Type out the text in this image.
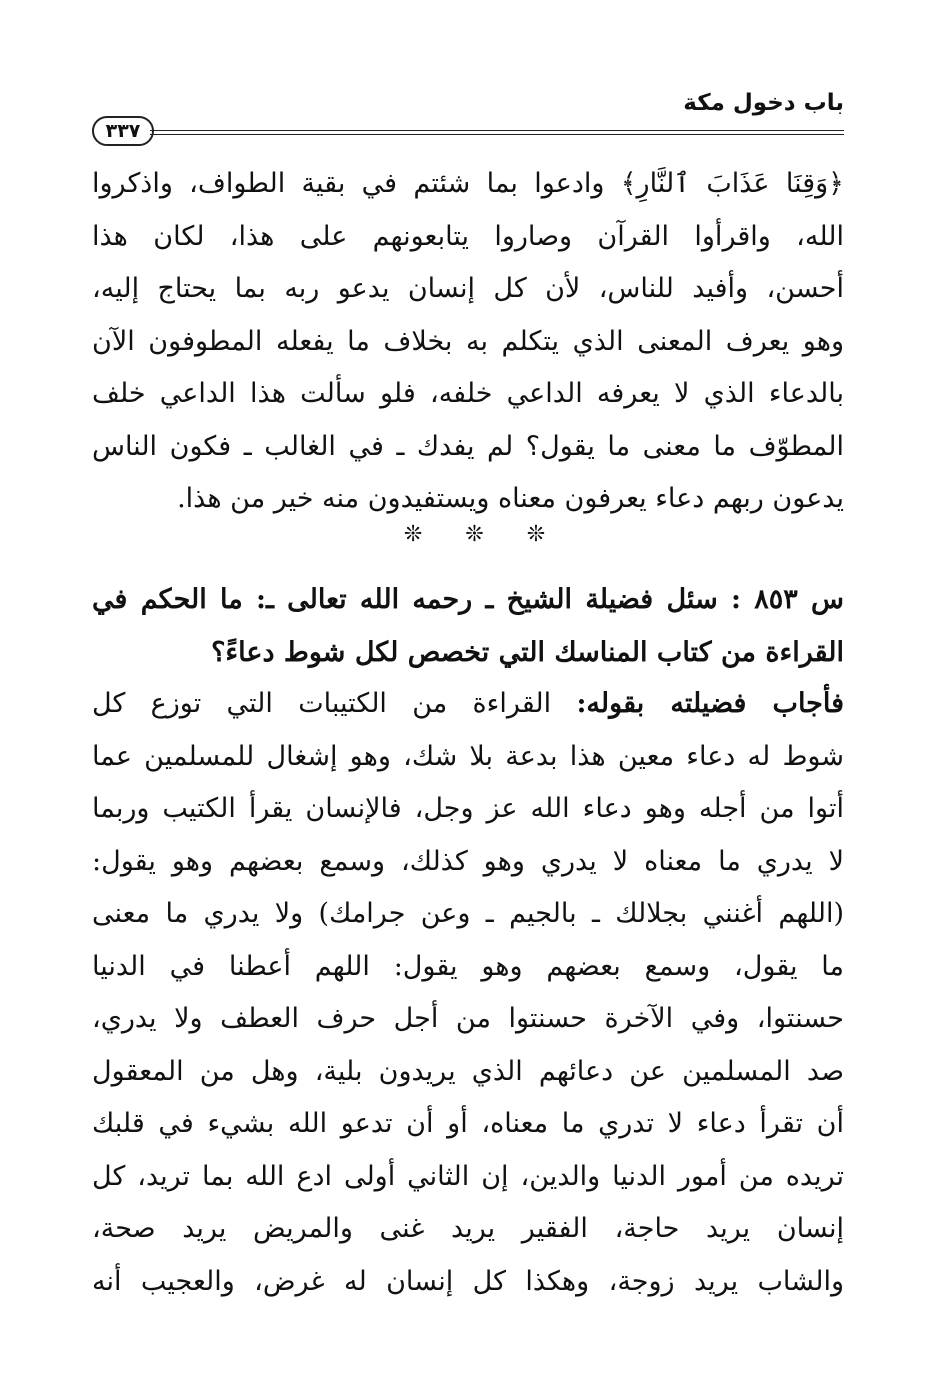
باب دخول مكة
٣٣٧
﴿وَقِنَا عَذَابَ ٱلنَّارِ﴾ وادعوا بما شئتم في بقية الطواف، واذكروا
الله، واقرأوا القرآن وصاروا يتابعونهم على هذا، لكان هذا
أحسن، وأفيد للناس، لأن كل إنسان يدعو ربه بما يحتاج إليه،
وهو يعرف المعنى الذي يتكلم به بخلاف ما يفعله المطوفون الآن
بالدعاء الذي لا يعرفه الداعي خلفه، فلو سألت هذا الداعي خلف
المطوّف ما معنى ما يقول؟ لم يفدك ـ في الغالب ـ فكون الناس
يدعون ربهم دعاء يعرفون معناه ويستفيدون منه خير من هذا.
❊ ❊ ❊
س ٨٥٣ : سئل فضيلة الشيخ ـ رحمه الله تعالى ـ: ما الحكم في
القراءة من كتاب المناسك التي تخصص لكل شوط دعاءً؟
فأجاب فضيلته بقوله: القراءة من الكتيبات التي توزع كل
شوط له دعاء معين هذا بدعة بلا شك، وهو إشغال للمسلمين عما
أتوا من أجله وهو دعاء الله عز وجل، فالإنسان يقرأ الكتيب وربما
لا يدري ما معناه لا يدري وهو كذلك، وسمع بعضهم وهو يقول:
(اللهم أغنني بجلالك ـ بالجيم ـ وعن جرامك) ولا يدري ما معنى
ما يقول، وسمع بعضهم وهو يقول: اللهم أعطنا في الدنيا
حسنتوا، وفي الآخرة حسنتوا من أجل حرف العطف ولا يدري،
صد المسلمين عن دعائهم الذي يريدون بلية، وهل من المعقول
أن تقرأ دعاء لا تدري ما معناه، أو أن تدعو الله بشيء في قلبك
تريده من أمور الدنيا والدين، إن الثاني أولى ادع الله بما تريد، كل
إنسان يريد حاجة، الفقير يريد غنى والمريض يريد صحة،
والشاب يريد زوجة، وهكذا كل إنسان له غرض، والعجيب أنه
